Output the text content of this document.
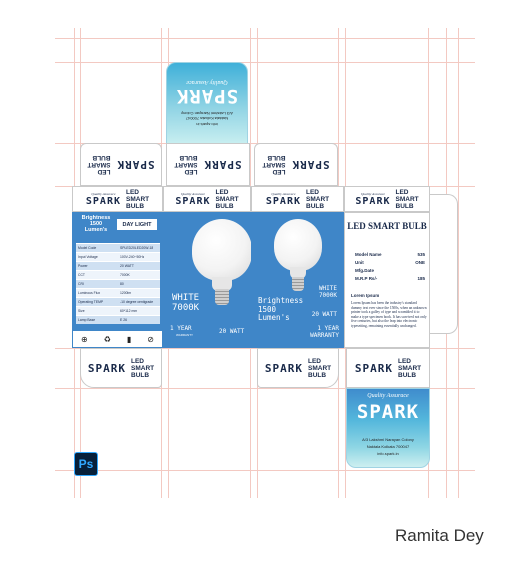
info.spark.in
Naktala Kolkata 700047
A/3 Lakshmi Narayan Colony
SPARK
Quality Assurace
SPARK
LED
SMART
BULB
SPARK
LED
SMART
BULB
SPARK
LED
SMART
BULB
Quality Assurace
SPARK
LED
SMART
BULB
Quality Assurace
SPARK
LED
SMART
BULB
Quality Assurace
SPARK
LED
SMART
BULB
Quality Assurace
SPARK
LED
SMART
BULB
Brightness
1500
Lumen's
DAY LIGHT
Model Code	SPLED20LED20W-18
Input Voltage	100V-240~50Hz
Power	20 WATT
CCT	7000K
CRI	80
Luminous Flux	1200lm
Operating TEMP	-10 degree centigrade
Size	60*112 mm
Lamp Base	E 26
⊕ ♻ ▮ ⊘
WHITE
7000K
1 YEAR
WARRANTY	20 WATT
Brightness
1500
Lumen's
WHITE
7000K
20 WATT
1 YEAR
WARRANTY
LED SMART BULB
Model Name	535
Unit	ONE
Mfg.Date
M.R.P Rs/-	185
Lorem Ipsum
Lorem Ipsum has been the industry's standard dummy text ever since the 1500s, when an unknown printer took a galley of type and scrambled it to make a type specimen book. It has survived not only five centuries, but also the leap into electronic typesetting, remaining essentially unchanged.
SPARK
LED
SMART
BULB
SPARK
LED
SMART
BULB
SPARK
LED
SMART
BULB
Quality Assurace
SPARK
A/3 Lakshmi Narayan Colony
Naktala Kolkata 700047
info.spark.in
Ps
Ramita Dey
